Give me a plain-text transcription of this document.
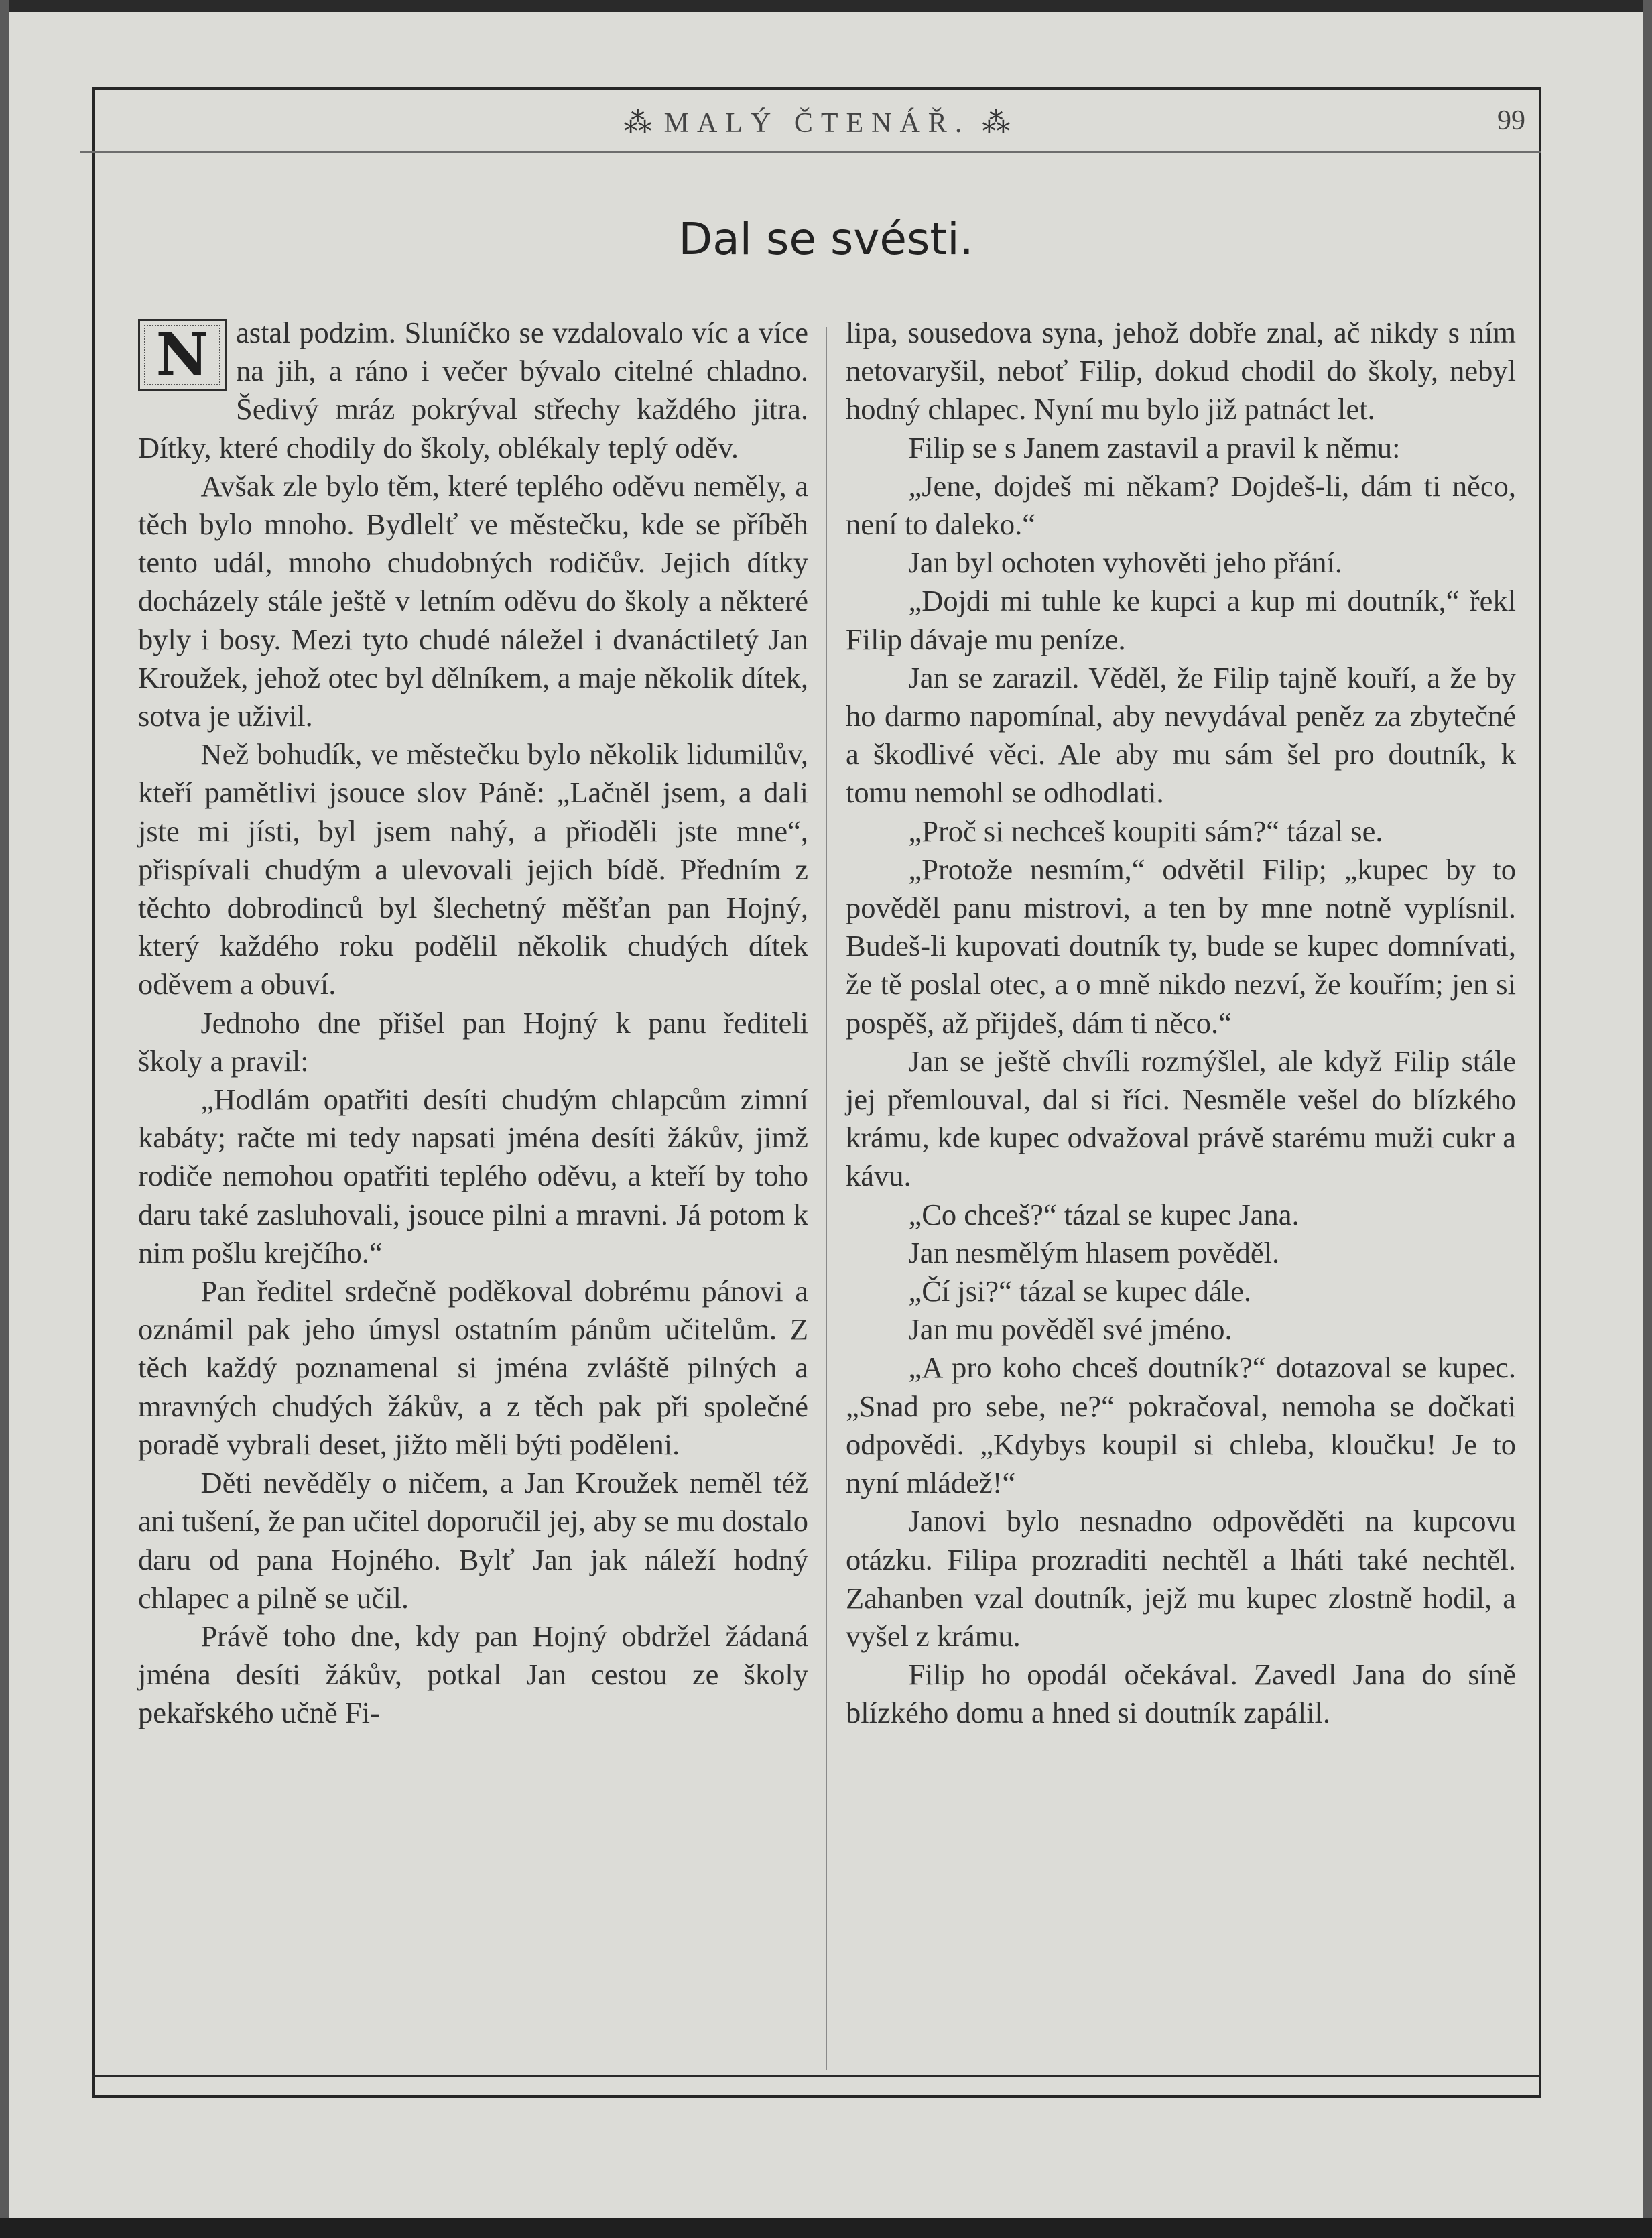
⁂ MALÝ ČTENÁŘ. ⁂	99
Dal se svésti.

N astal podzim. Sluníčko se vzdalovalo víc a více na jih, a ráno i večer bývalo citelné chladno. Šedivý mráz pokrýval střechy každého jitra. Dítky, které chodily do školy, oblékaly teplý oděv.

Avšak zle bylo těm, které teplého oděvu neměly, a těch bylo mnoho. Bydlelť ve městečku, kde se příběh tento udál, mnoho chudobných rodičův. Jejich dítky docházely stále ještě v letním oděvu do školy a některé byly i bosy. Mezi tyto chudé náležel i dvanáctiletý Jan Kroužek, jehož otec byl dělníkem, a maje několik dítek, sotva je uživil.

Než bohudík, ve městečku bylo několik lidumilův, kteří pamětlivi jsouce slov Páně: „Lačněl jsem, a dali jste mi jísti, byl jsem nahý, a přioděli jste mne“, přispívali chudým a ulevovali jejich bídě. Předním z těchto dobrodinců byl šlechetný měšťan pan Hojný, který každého roku podělil několik chudých dítek oděvem a obuví.

Jednoho dne přišel pan Hojný k panu řediteli školy a pravil:

„Hodlám opatřiti desíti chudým chlapcům zimní kabáty; račte mi tedy napsati jména desíti žákův, jimž rodiče nemohou opatřiti teplého oděvu, a kteří by toho daru také zasluhovali, jsouce pilni a mravni. Já potom k nim pošlu krejčího.“

Pan ředitel srdečně poděkoval dobrému pánovi a oznámil pak jeho úmysl ostatním pánům učitelům. Z těch každý poznamenal si jména zvláště pilných a mravných chudých žákův, a z těch pak při společné poradě vybrali deset, jižto měli býti poděleni.

Děti nevěděly o ničem, a Jan Kroužek neměl též ani tušení, že pan učitel doporučil jej, aby se mu dostalo daru od pana Hojného. Bylť Jan jak náleží hodný chlapec a pilně se učil.

Právě toho dne, kdy pan Hojný obdržel žádaná jména desíti žákův, potkal Jan cestou ze školy pekařského učně Fi-

lipa, sousedova syna, jehož dobře znal, ač nikdy s ním netovaryšil, neboť Filip, dokud chodil do školy, nebyl hodný chlapec. Nyní mu bylo již patnáct let.

Filip se s Janem zastavil a pravil k němu:

„Jene, dojdeš mi někam? Dojdeš-li, dám ti něco, není to daleko.“

Jan byl ochoten vyhověti jeho přání.

„Dojdi mi tuhle ke kupci a kup mi doutník,“ řekl Filip dávaje mu peníze.

Jan se zarazil. Věděl, že Filip tajně kouří, a že by ho darmo napomínal, aby nevydával peněz za zbytečné a škodlivé věci. Ale aby mu sám šel pro doutník, k tomu nemohl se odhodlati.

„Proč si nechceš koupiti sám?“ tázal se.

„Protože nesmím,“ odvětil Filip; „kupec by to pověděl panu mistrovi, a ten by mne notně vyplísnil. Budeš-li kupovati doutník ty, bude se kupec domnívati, že tě poslal otec, a o mně nikdo nezví, že kouřím; jen si pospěš, až přijdeš, dám ti něco.“

Jan se ještě chvíli rozmýšlel, ale když Filip stále jej přemlouval, dal si říci. Nesměle vešel do blízkého krámu, kde kupec odvažoval právě starému muži cukr a kávu.

„Co chceš?“ tázal se kupec Jana.

Jan nesmělým hlasem pověděl.

„Čí jsi?“ tázal se kupec dále.

Jan mu pověděl své jméno.

„A pro koho chceš doutník?“ dotazoval se kupec. „Snad pro sebe, ne?“ pokračoval, nemoha se dočkati odpovědi. „Kdybys koupil si chleba, kloučku! Je to nyní mládež!“

Janovi bylo nesnadno odpověděti na kupcovu otázku. Filipa prozraditi nechtěl a lháti také nechtěl. Zahanben vzal doutník, jejž mu kupec zlostně hodil, a vyšel z krámu.

Filip ho opodál očekával. Zavedl Jana do síně blízkého domu a hned si doutník zapálil.
